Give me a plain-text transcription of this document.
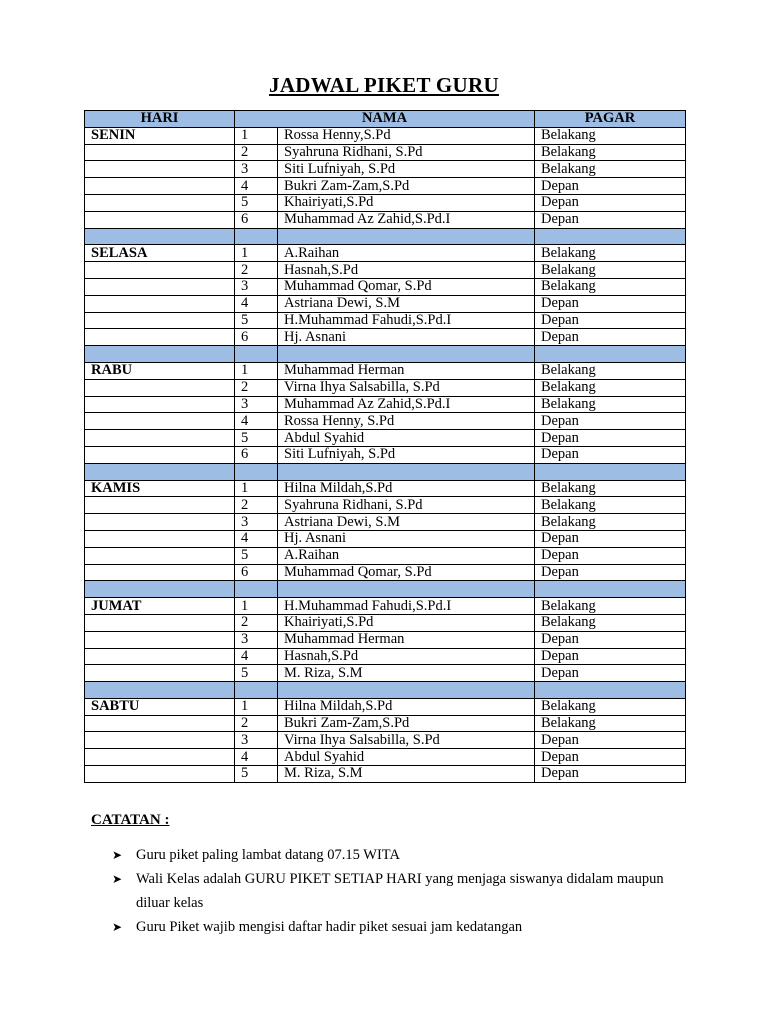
JADWAL PIKET GURU
HARI	NAMA		PAGAR
SENIN	1	Rossa Henny,S.Pd	Belakang
	2	Syahruna Ridhani, S.Pd	Belakang
	3	Siti Lufniyah, S.Pd	Belakang
	4	Bukri Zam-Zam,S.Pd	Depan
	5	Khairiyati,S.Pd	Depan
	6	Muhammad Az Zahid,S.Pd.I	Depan

SELASA	1	A.Raihan	Belakang
	2	Hasnah,S.Pd	Belakang
	3	Muhammad Qomar, S.Pd	Belakang
	4	Astriana Dewi, S.M	Depan
	5	H.Muhammad Fahudi,S.Pd.I	Depan
	6	Hj. Asnani	Depan

RABU	1	Muhammad Herman	Belakang
	2	Virna Ihya Salsabilla, S.Pd	Belakang
	3	Muhammad Az Zahid,S.Pd.I	Belakang
	4	Rossa Henny, S.Pd	Depan
	5	Abdul Syahid	Depan
	6	Siti Lufniyah, S.Pd	Depan

KAMIS	1	Hilna Mildah,S.Pd	Belakang
	2	Syahruna Ridhani, S.Pd	Belakang
	3	Astriana Dewi, S.M	Belakang
	4	Hj. Asnani	Depan
	5	A.Raihan	Depan
	6	Muhammad Qomar, S.Pd	Depan

JUMAT	1	H.Muhammad Fahudi,S.Pd.I	Belakang
	2	Khairiyati,S.Pd	Belakang
	3	Muhammad Herman	Depan
	4	Hasnah,S.Pd	Depan
	5	M. Riza, S.M	Depan

SABTU	1	Hilna Mildah,S.Pd	Belakang
	2	Bukri Zam-Zam,S.Pd	Belakang
	3	Virna Ihya Salsabilla, S.Pd	Depan
	4	Abdul Syahid	Depan
	5	M. Riza, S.M	Depan
CATATAN :
➤ Guru piket paling lambat datang 07.15 WITA
➤ Wali Kelas adalah GURU PIKET SETIAP HARI yang menjaga siswanya didalam maupun diluar kelas
➤ Guru Piket wajib mengisi daftar hadir piket sesuai jam kedatangan
